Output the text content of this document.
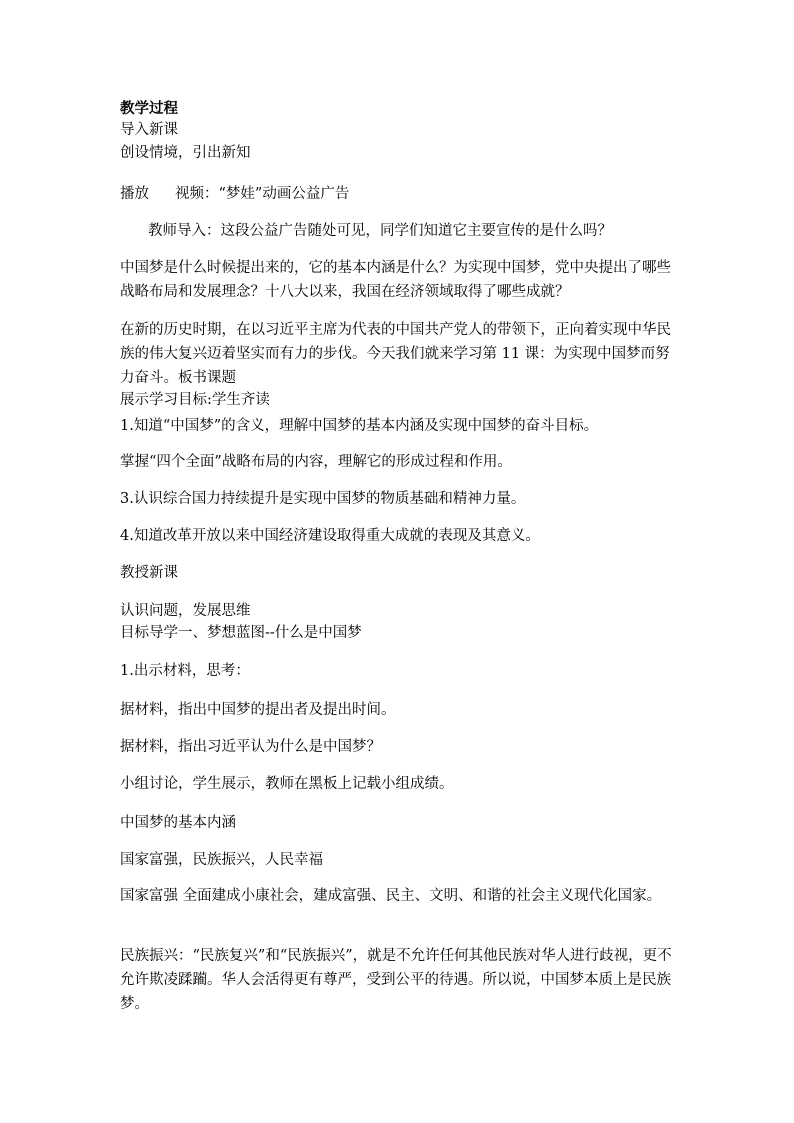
教学过程
导入新课
创设情境，引出新知
播放 视频：“梦娃”动画公益广告
教师导入：这段公益广告随处可见，同学们知道它主要宣传的是什么吗？
中国梦是什么时候提出来的，它的基本内涵是什么？为实现中国梦，党中央提出了哪些战略布局和发展理念？十八大以来，我国在经济领域取得了哪些成就？
在新的历史时期，在以习近平主席为代表的中国共产党人的带领下，正向着实现中华民族的伟大复兴迈着坚实而有力的步伐。今天我们就来学习第 11 课：为实现中国梦而努力奋斗。板书课题
展示学习目标:学生齐读
1.知道“中国梦”的含义，理解中国梦的基本内涵及实现中国梦的奋斗目标。
掌握“四个全面”战略布局的内容，理解它的形成过程和作用。
3.认识综合国力持续提升是实现中国梦的物质基础和精神力量。
4.知道改革开放以来中国经济建设取得重大成就的表现及其意义。
教授新课
认识问题，发展思维
目标导学一、梦想蓝图--什么是中国梦
1.出示材料，思考：
据材料，指出中国梦的提出者及提出时间。
据材料，指出习近平认为什么是中国梦？
小组讨论，学生展示，教师在黑板上记载小组成绩。
中国梦的基本内涵
国家富强，民族振兴，人民幸福
国家富强 全面建成小康社会，建成富强、民主、文明、和谐的社会主义现代化国家。
民族振兴：“民族复兴”和“民族振兴”，就是不允许任何其他民族对华人进行歧视，更不允许欺凌蹂躏。华人会活得更有尊严，受到公平的待遇。所以说，中国梦本质上是民族梦。
